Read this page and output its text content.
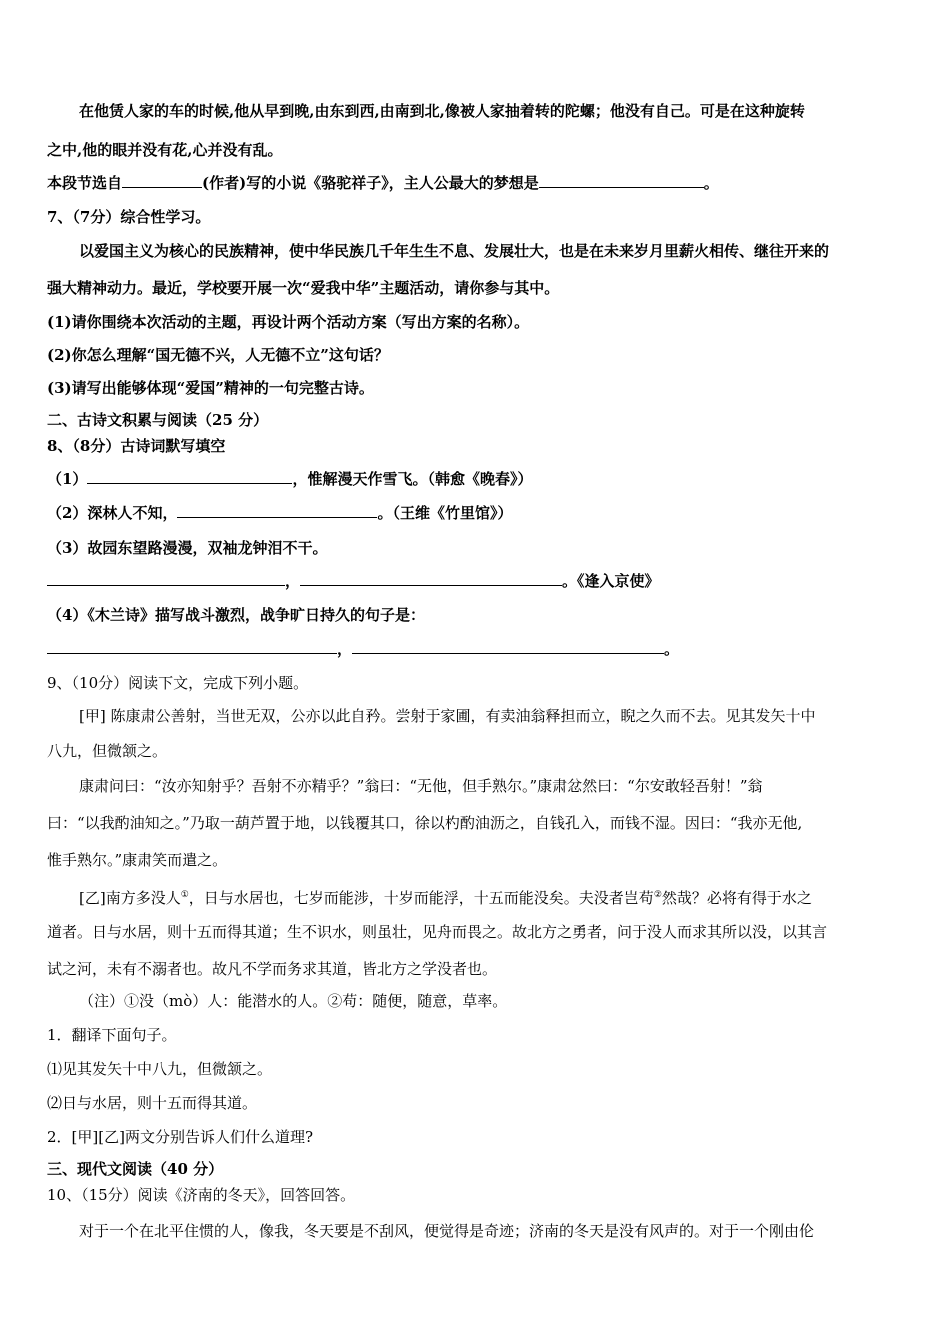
在他赁人家的车的时候,他从早到晚,由东到西,由南到北,像被人家抽着转的陀螺；他没有自己。可是在这种旋转
之中,他的眼并没有花,心并没有乱。
本段节选自	(作者)写的小说《骆驼祥子》，主人公最大的梦想是	。
7、（7分）综合性学习。
以爱国主义为核心的民族精神，使中华民族几千年生生不息、发展壮大，也是在未来岁月里薪火相传、继往开来的
强大精神动力。最近，学校要开展一次“爱我中华”主题活动，请你参与其中。
(1)请你围绕本次活动的主题，再设计两个活动方案（写出方案的名称）。
(2)你怎么理解“国无德不兴，人无德不立”这句话？
(3)请写出能够体现“爱国”精神的一句完整古诗。
二、古诗文积累与阅读（25 分）
8、（8分）古诗词默写填空
（1）	，惟解漫天作雪飞。（韩愈《晚春》）
（2）深林人不知，	。（王维《竹里馆》）
（3）故园东望路漫漫，双袖龙钟泪不干。
，	。《逢入京使》
（4）《木兰诗》描写战斗激烈，战争旷日持久的句子是：
，	。
9、（10分）阅读下文，完成下列小题。
[甲] 陈康肃公善射，当世无双，公亦以此自矜。尝射于家圃，有卖油翁释担而立，睨之久而不去。见其发矢十中
八九，但微颔之。
康肃问曰：“汝亦知射乎？吾射不亦精乎？”翁曰：“无他，但手熟尔。”康肃忿然曰：“尔安敢轻吾射！”翁
曰：“以我酌油知之。”乃取一葫芦置于地，以钱覆其口，徐以杓酌油沥之，自钱孔入，而钱不湿。因曰：“我亦无他,
惟手熟尔。”康肃笑而遣之。
[乙]南方多没人①，日与水居也，七岁而能涉，十岁而能浮，十五而能没矣。夫没者岂苟②然哉？必将有得于水之
道者。日与水居，则十五而得其道；生不识水，则虽壮，见舟而畏之。故北方之勇者，问于没人而求其所以没，以其言
试之河，未有不溺者也。故凡不学而务求其道，皆北方之学没者也。
（注）①没（mò）人：能潜水的人。②苟：随便，随意，草率。
1．翻译下面句子。
⑴见其发矢十中八九，但微颔之。
⑵日与水居，则十五而得其道。
2．[甲][乙]两文分别告诉人们什么道理?
三、现代文阅读（40 分）
10、（15分）阅读《济南的冬天》，回答回答。
对于一个在北平住惯的人，像我，冬天要是不刮风，便觉得是奇迹；济南的冬天是没有风声的。对于一个刚由伦
